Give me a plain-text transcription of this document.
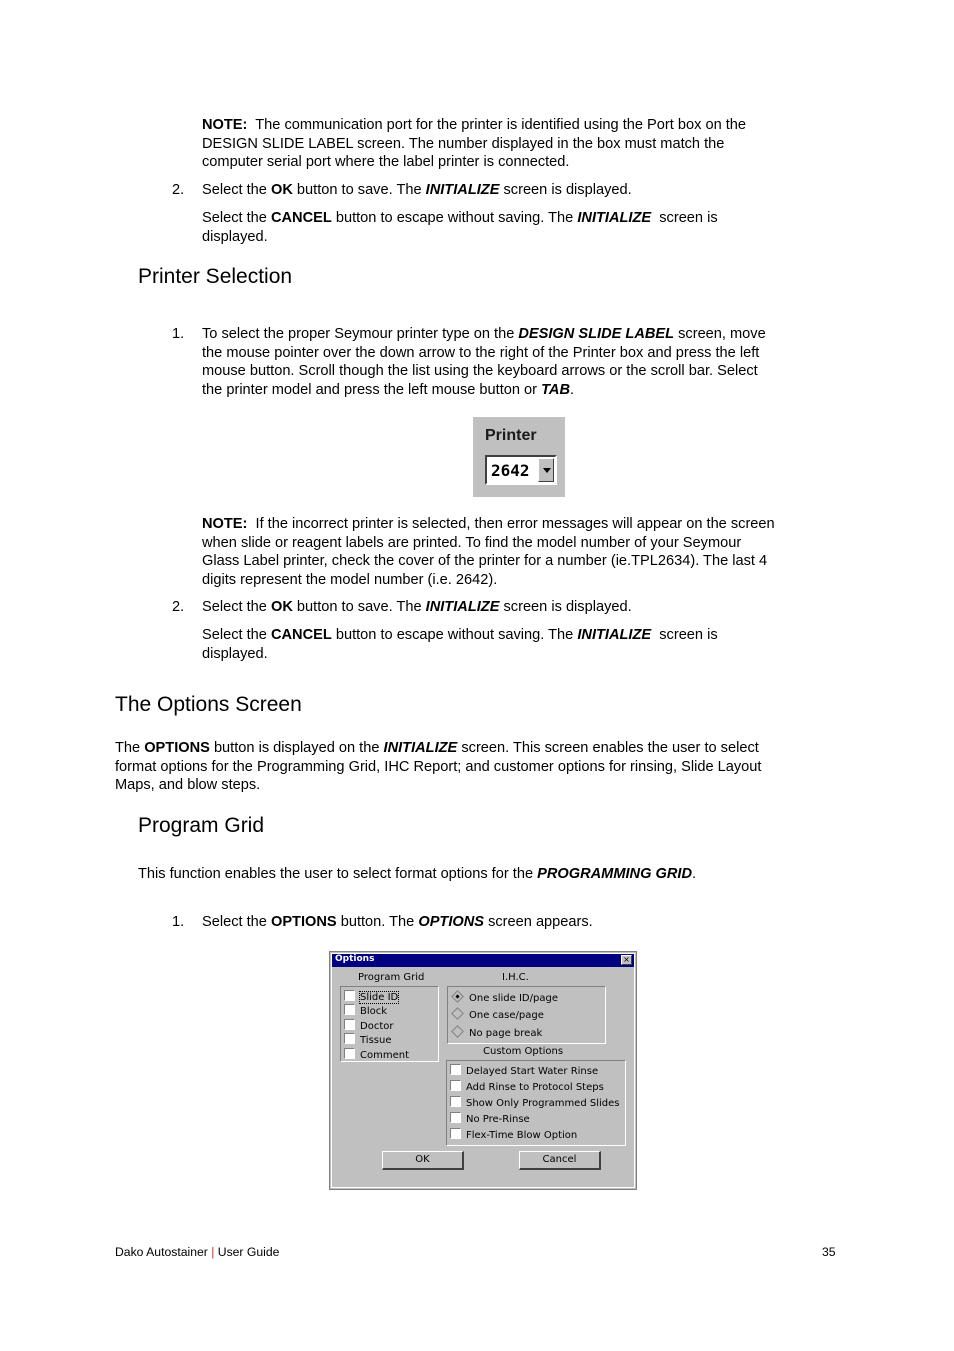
NOTE:  The communication port for the printer is identified using the Port box on the
DESIGN SLIDE LABEL screen. The number displayed in the box must match the
computer serial port where the label printer is connected.
2. Select the OK button to save. The INITIALIZE screen is displayed.
Select the CANCEL button to escape without saving. The INITIALIZE  screen is
displayed.
Printer Selection
1. To select the proper Seymour printer type on the DESIGN SLIDE LABEL screen, move
the mouse pointer over the down arrow to the right of the Printer box and press the left
mouse button. Scroll though the list using the keyboard arrows or the scroll bar. Select
the printer model and press the left mouse button or TAB.
Printer
2642
NOTE:  If the incorrect printer is selected, then error messages will appear on the screen
when slide or reagent labels are printed. To find the model number of your Seymour
Glass Label printer, check the cover of the printer for a number (ie.TPL2634). The last 4
digits represent the model number (i.e. 2642).
2. Select the OK button to save. The INITIALIZE screen is displayed.
Select the CANCEL button to escape without saving. The INITIALIZE  screen is
displayed.
The Options Screen
The OPTIONS button is displayed on the INITIALIZE screen. This screen enables the user to select
format options for the Programming Grid, IHC Report; and customer options for rinsing, Slide Layout
Maps, and blow steps.
Program Grid
This function enables the user to select format options for the PROGRAMMING GRID.
1. Select the OPTIONS button. The OPTIONS screen appears.
Options	×
Program Grid	I.H.C.
Slide ID
Block
Doctor
Tissue
Comment
One slide ID/page
One case/page
No page break
Custom Options
Delayed Start Water Rinse
Add Rinse to Protocol Steps
Show Only Programmed Slides
No Pre-Rinse
Flex-Time Blow Option
OK	Cancel
Dako Autostainer | User Guide	35
